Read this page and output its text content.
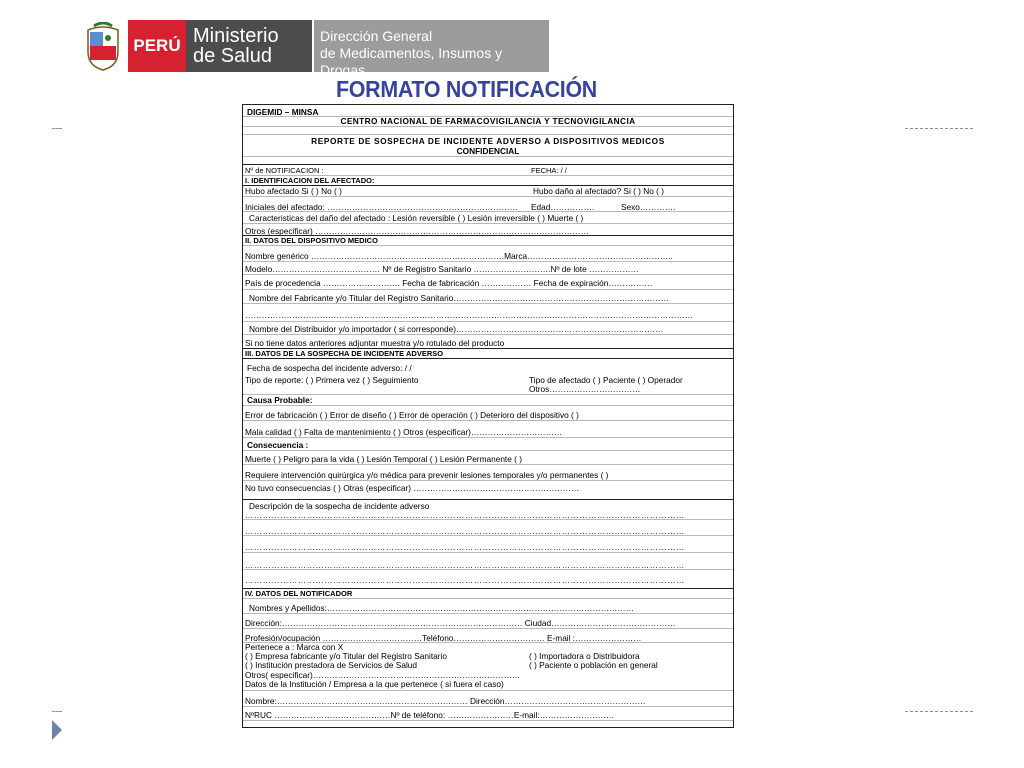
PERÚ Ministerio
de Salud
Dirección General
de Medicamentos, Insumos y Drogas
FORMATO NOTIFICACIÓN
DIGEMID – MINSA
CENTRO NACIONAL DE FARMACOVIGILANCIA Y TECNOVIGILANCIA
REPORTE DE SOSPECHA DE INCIDENTE ADVERSO A DISPOSITIVOS MEDICOS
CONFIDENCIAL
Nº de NOTIFICACION :	FECHA: / /
I. IDENTIFICACION DEL AFECTADO:
Hubo afectado Si ( ) No ( )	Hubo daño al afectado? Si ( ) No ( )
Iniciales del afectado: ……………………………………………………………	Edad…………….	Sexo………….
Caracteristicas del daño del afectado : Lesión reversible ( ) Lesión irreversible ( ) Muerte ( )
Otros (especificar) ………………………………………………………………………………………
II. DATOS DEL DISPOSITIVO MEDICO
Nombre genérico …………………………………………………………….Marca……………………………………………..
Modelo………………………………… Nº de Registro Sanitario ……………………….Nº de lote ………………
País de procedencia ………………………. Fecha de fabricación ……………… Fecha de expiración…………….
Nombre del Fabricante y/o Titular del Registro Sanitario……………………………………………………………………
………………………………………………………………………………………………………………………………………………
Nombre del Distribuidor y/o importador ( si corresponde)…………………………………………………………………
Si no tiene datos anteriores adjuntar muestra y/o rotulado del producto
III. DATOS DE LA SOSPECHA DE INCIDENTE ADVERSO
Fecha de sospecha del incidente adverso: / /
Tipo de reporte: ( ) Primera vez ( ) Seguimiento	Tipo de afectado ( ) Paciente ( ) Operador
Otros……………………………
Causa Probable:
Error de fabricación ( ) Error de diseño ( ) Error de operación ( ) Deterioro del dispositivo ( )
Mala calidad ( ) Falta de mantenimiento ( ) Otros (especificar)……………………………
Consecuencia :
Muerte ( ) Peligro para la vida ( ) Lesión Temporal ( ) Lesión Permanente ( )
Requiere intervención quirúrgica y/o médica para prevenir lesiones temporales y/o permanentes ( )
No tuvo consecuencias ( ) Otras (especificar) ……………………………………………………
Descripción de la sospecha de incidente adverso
……………………………………………………………………………………………………………………………………
……………………………………………………………………………………………………………………………………
……………………………………………………………………………………………………………………………………
……………………………………………………………………………………………………………………………………
……………………………………………………………………………………………………………………………………
IV. DATOS DEL NOTIFICADOR
Nombres y Apellidos:…………………………………………………………………………………………………
Dirección:…………………………………………………………………………… Ciudad………………………………………
Profesión/ocupación ………………………………Teléfono…………………………… E-mail :……………………
Pertenece a : Marca con X
( ) Empresa fabricante y/o Titular del Registro Sanitario	( ) Importadora o Distribuidora
( ) Institución prestadora de Servicios de Salud	( ) Paciente o población en general
Otros( especificar)…………………………………………………………………
Datos de la Institución / Empresa a la que pertenece ( si fuera el caso)
Nombre:…………………………………………………………… Dirección……………………………………………
NºRUC ……………………………………Nº de teléfono: ……………………E-mail:………………………
